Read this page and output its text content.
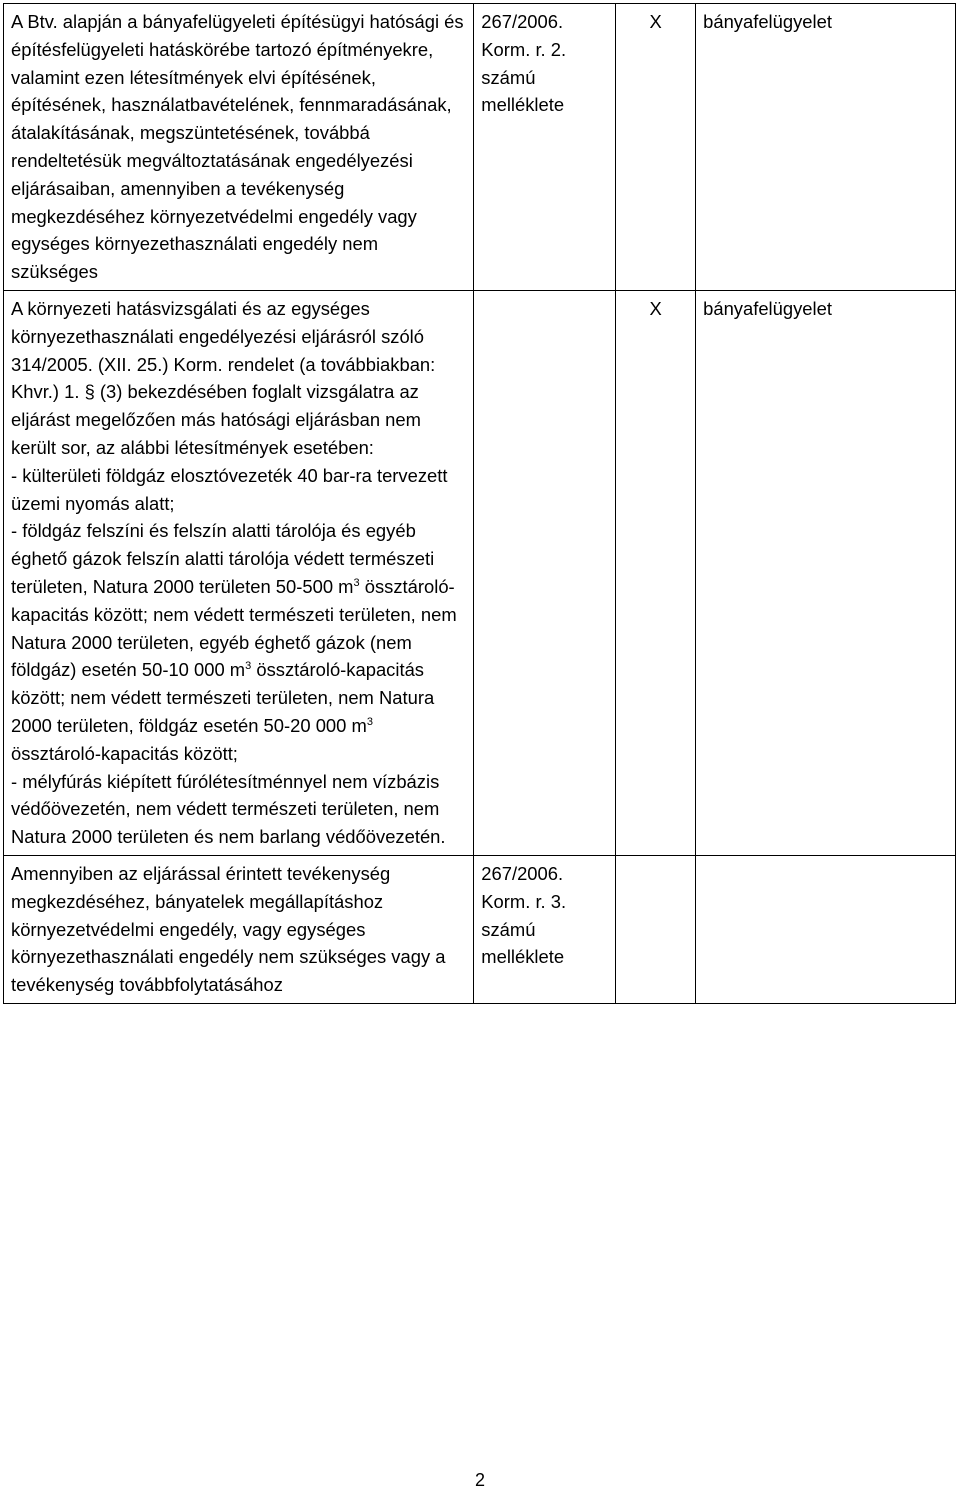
A Btv. alapján a bányafelügyeleti építésügyi hatósági és építésfelügyeleti hatáskörébe tartozó építményekre, valamint ezen létesítmények elvi építésének, építésének, használatbavételének, fennmaradásának, átalakításának, megszüntetésének, továbbá rendeltetésük megváltoztatásának engedélyezési eljárásaiban, amennyiben a tevékenység megkezdéséhez környezetvédelmi engedély vagy egységes környezethasználati engedély nem szükséges	267/2006. Korm. r. 2. számú melléklete	X	bányafelügyelet
A környezeti hatásvizsgálati és az egységes környezethasználati engedélyezési eljárásról szóló 314/2005. (XII. 25.) Korm. rendelet (a továbbiakban: Khvr.) 1. § (3) bekezdésében foglalt vizsgálatra az eljárást megelőzően más hatósági eljárásban nem került sor, az alábbi létesítmények esetében:
- külterületi földgáz elosztóvezeték 40 bar-ra tervezett üzemi nyomás alatt;
- földgáz felszíni és felszín alatti tárolója és egyéb éghető gázok felszín alatti tárolója védett természeti területen, Natura 2000 területen 50-500 $m^3$ össztároló-kapacitás között; nem védett természeti területen, nem Natura 2000 területen, egyéb éghető gázok (nem földgáz) esetén 50-10 000 $m^3$ össztároló-kapacitás között; nem védett természeti területen, nem Natura 2000 területen, földgáz esetén 50-20 000 $m^3$ össztároló-kapacitás között;
- mélyfúrás kiépített fúrólétesítménnyel nem vízbázis védőövezetén, nem védett természeti területen, nem Natura 2000 területen és nem barlang védőövezetén.		X	bányafelügyelet
Amennyiben az eljárással érintett tevékenység megkezdéséhez, bányatelek megállapításhoz környezetvédelmi engedély, vagy egységes környezethasználati engedély nem szükséges vagy a tevékenység továbbfolytatásához	267/2006. Korm. r. 3. számú melléklete		
2
